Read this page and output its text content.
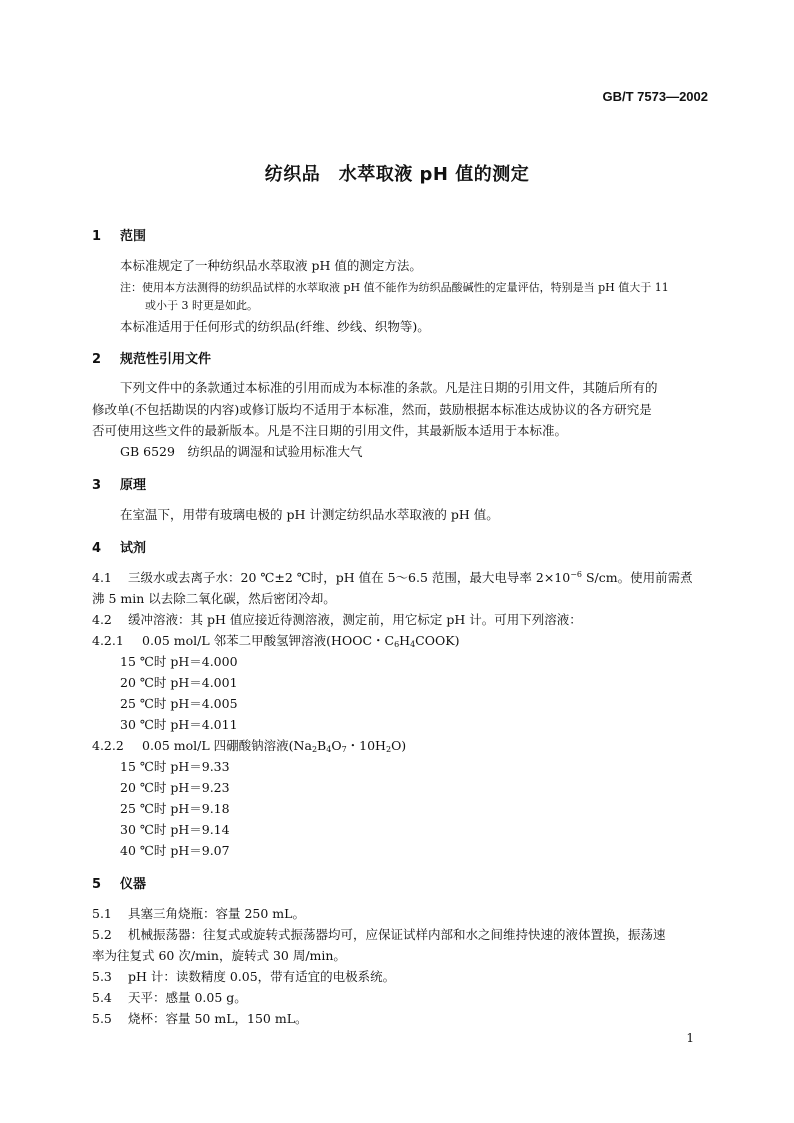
GB/T 7573—2002
纺织品　水萃取液 pH 值的测定
1 范围
本标准规定了一种纺织品水萃取液 pH 值的测定方法。
注：使用本方法测得的纺织品试样的水萃取液 pH 值不能作为纺织品酸碱性的定量评估，特别是当 pH 值大于 11
或小于 3 时更是如此。
本标准适用于任何形式的纺织品(纤维、纱线、织物等)。
2 规范性引用文件
下列文件中的条款通过本标准的引用而成为本标准的条款。凡是注日期的引用文件，其随后所有的
修改单(不包括勘误的内容)或修订版均不适用于本标准，然而，鼓励根据本标准达成协议的各方研究是
否可使用这些文件的最新版本。凡是不注日期的引用文件，其最新版本适用于本标准。
GB 6529　纺织品的调湿和试验用标准大气
3 原理
在室温下，用带有玻璃电极的 pH 计测定纺织品水萃取液的 pH 值。
4 试剂
4.1 三级水或去离子水：20 ℃±2 ℃时，pH 值在 5～6.5 范围，最大电导率 $2\times 10^{-6}$ S/cm。使用前需煮
沸 5 min 以去除二氧化碳，然后密闭冷却。
4.2 缓冲溶液：其 pH 值应接近待测溶液，测定前，用它标定 pH 计。可用下列溶液：
4.2.1 0.05 mol/L 邻苯二甲酸氢钾溶液(HOOC・$C_6H_4COOK$)
15 ℃时 pH＝4.000
20 ℃时 pH＝4.001
25 ℃时 pH＝4.005
30 ℃时 pH＝4.011
4.2.2 0.05 mol/L 四硼酸钠溶液($Na_2B_4O_7$・$10H_2O$)
15 ℃时 pH＝9.33
20 ℃时 pH＝9.23
25 ℃时 pH＝9.18
30 ℃时 pH＝9.14
40 ℃时 pH＝9.07
5 仪器
5.1 具塞三角烧瓶：容量 250 mL。
5.2 机械振荡器：往复式或旋转式振荡器均可，应保证试样内部和水之间维持快速的液体置换，振荡速
率为往复式 60 次/min，旋转式 30 周/min。
5.3 pH 计：读数精度 0.05，带有适宜的电极系统。
5.4 天平：感量 0.05 g。
5.5 烧杯：容量 50 mL，150 mL。
1
